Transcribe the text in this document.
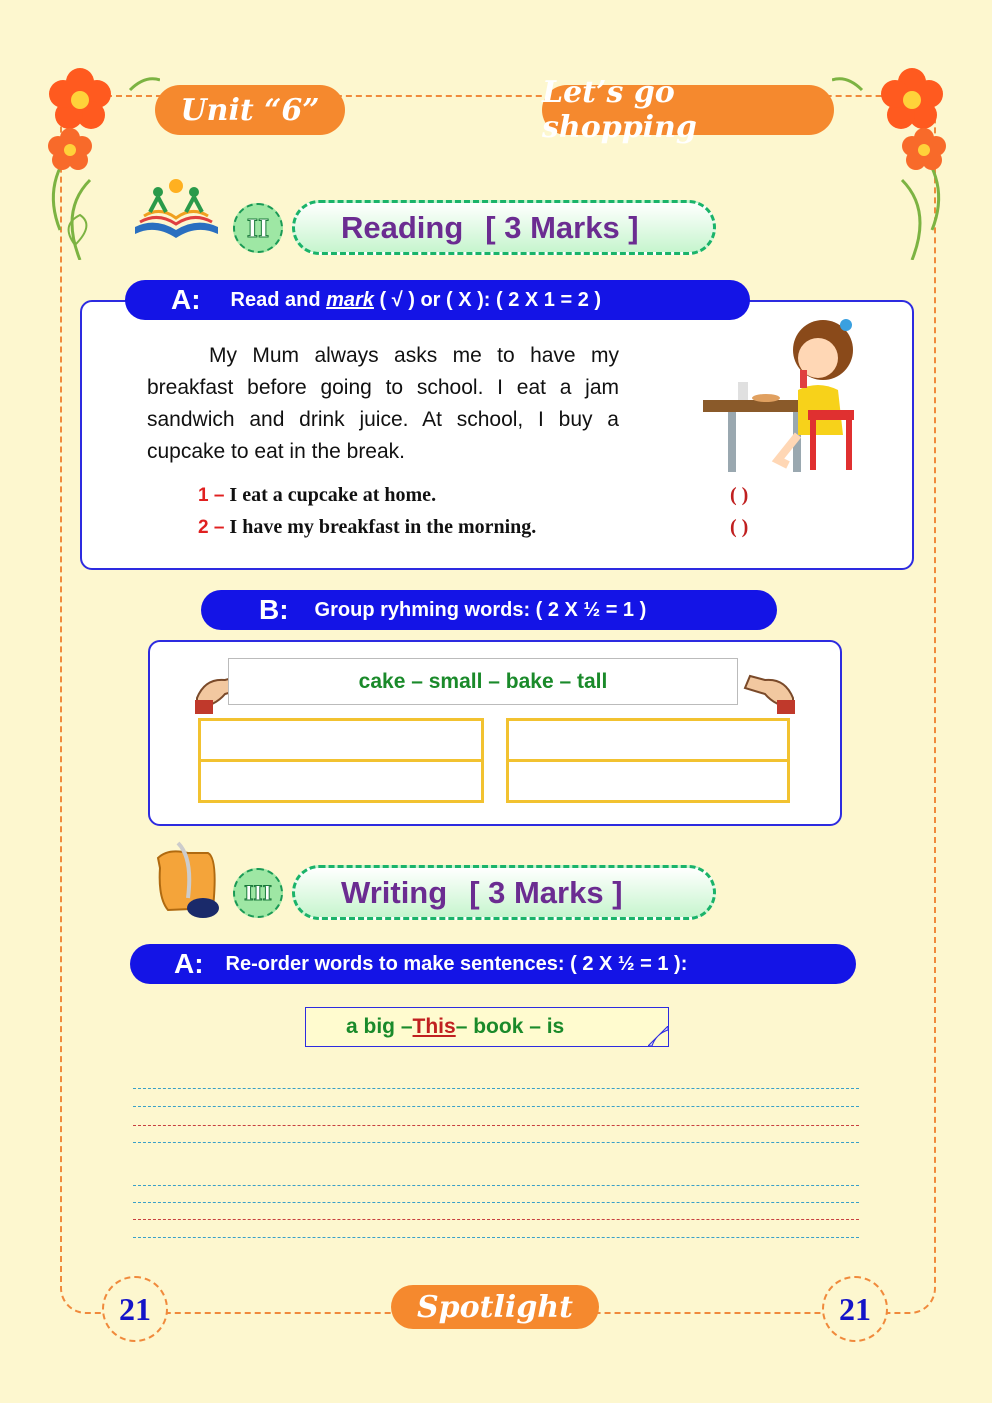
Unit “6”	Let’s go shopping
II	Reading [ 3 Marks ]
A: Read and mark ( √ ) or ( X ): ( 2 X 1 = 2 )
My Mum always asks me to have my breakfast before going to school. I eat a jam sandwich and drink juice. At school, I buy a cupcake to eat in the break.
1 – I eat a cupcake at home.	( )
2 – I have my breakfast in the morning.	( )
B: Group ryhming words: ( 2 X ½ = 1 )
cake – small – bake – tall
III	Writing [ 3 Marks ]
A: Re-order words to make sentences: ( 2 X ½ = 1 ):
a big – This – book – is
21	Spotlight	21
